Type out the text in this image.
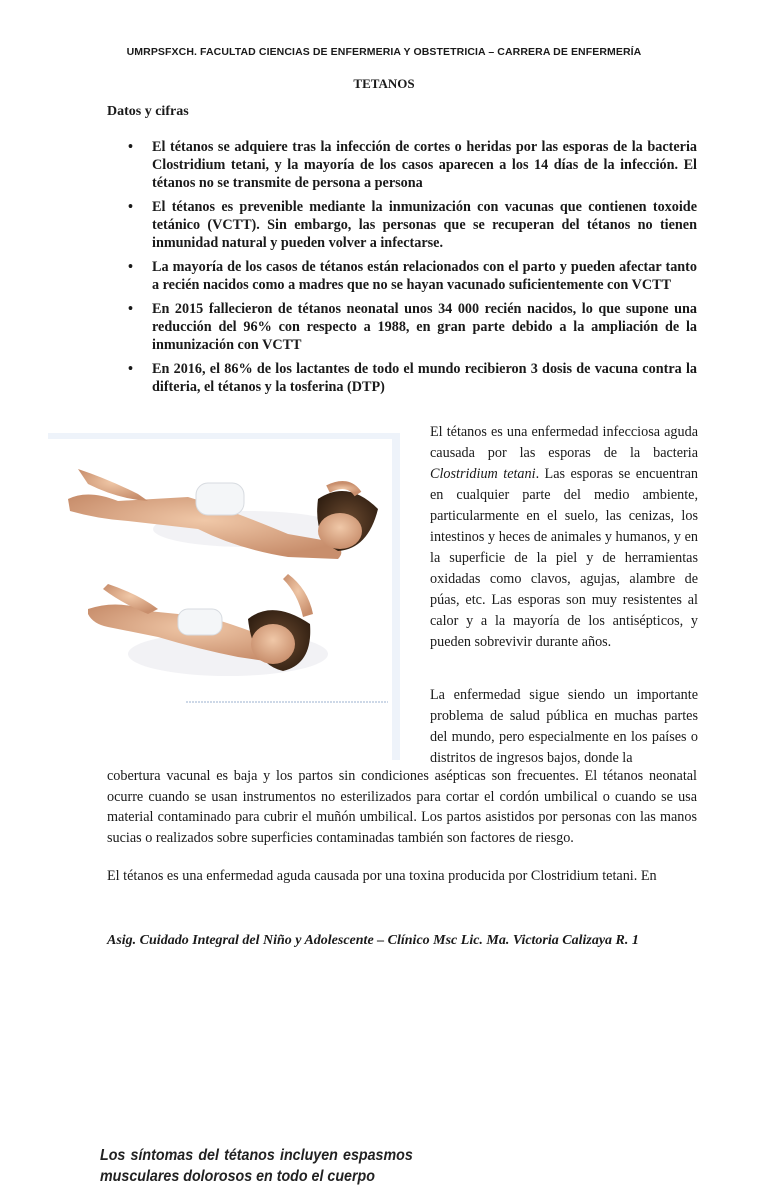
UMRPSFXCH. FACULTAD CIENCIAS DE ENFERMERIA Y OBSTETRICIA – CARRERA DE ENFERMERÍA
TETANOS
Datos y cifras
• El tétanos se adquiere tras la infección de cortes o heridas por las esporas de la bacteria Clostridium tetani, y la mayoría de los casos aparecen a los 14 días de la infección. El tétanos no se transmite de persona a persona
• El tétanos es prevenible mediante la inmunización con vacunas que contienen toxoide tetánico (VCTT). Sin embargo, las personas que se recuperan del tétanos no tienen inmunidad natural y pueden volver a infectarse.
• La mayoría de los casos de tétanos están relacionados con el parto y pueden afectar tanto a recién nacidos como a madres que no se hayan vacunado suficientemente con VCTT
• En 2015 fallecieron de tétanos neonatal unos 34 000 recién nacidos, lo que supone una reducción del 96% con respecto a 1988, en gran parte debido a la ampliación de la inmunización con VCTT
• En 2016, el 86% de los lactantes de todo el mundo recibieron 3 dosis de vacuna contra la difteria, el tétanos y la tosferina (DTP)
Los síntomas del tétanos incluyen espasmos musculares dolorosos en todo el cuerpo
El tétanos es una enfermedad infecciosa aguda causada por las esporas de la bacteria Clostridium tetani. Las esporas se encuentran en cualquier parte del medio ambiente, particularmente en el suelo, las cenizas, los intestinos y heces de animales y humanos, y en la superficie de la piel y de herramientas oxidadas como clavos, agujas, alambre de púas, etc. Las esporas son muy resistentes al calor y a la mayoría de los antisépticos, y pueden sobrevivir durante años.
La enfermedad sigue siendo un importante problema de salud pública en muchas partes del mundo, pero especialmente en los países o distritos de ingresos bajos, donde la
cobertura vacunal es baja y los partos sin condiciones asépticas son frecuentes. El tétanos neonatal ocurre cuando se usan instrumentos no esterilizados para cortar el cordón umbilical o cuando se usa material contaminado para cubrir el muñón umbilical. Los partos asistidos por personas con las manos sucias o realizados sobre superficies contaminadas también son factores de riesgo.
El tétanos es una enfermedad aguda causada por una toxina producida por Clostridium tetani. En
Asig. Cuidado Integral del Niño y Adolescente – Clínico Msc Lic. Ma. Victoria Calizaya R. 1
